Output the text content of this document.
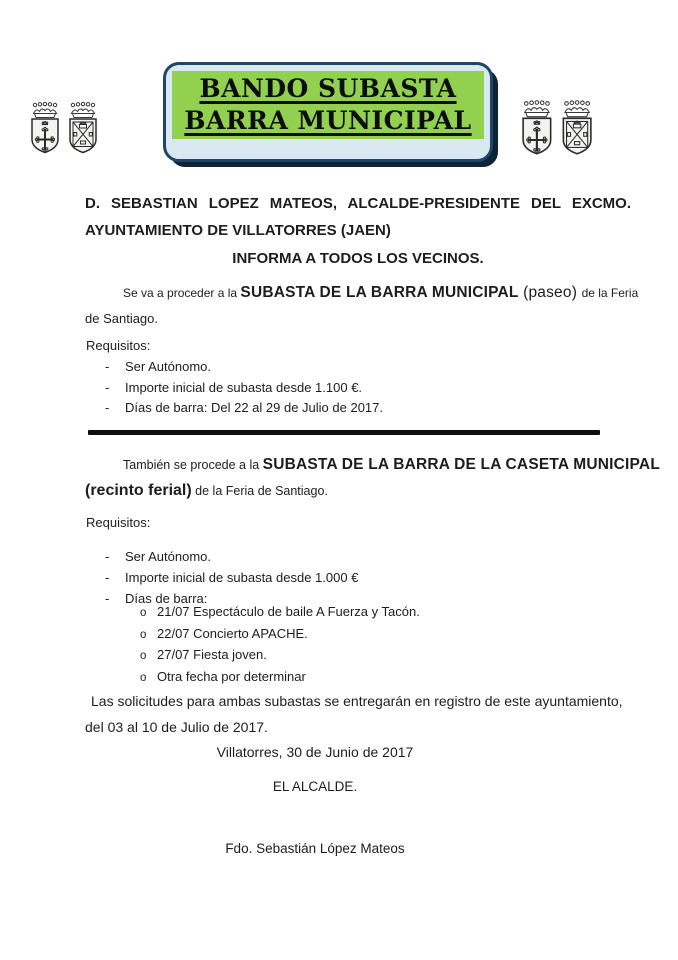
BANDO SUBASTA
BARRA MUNICIPAL
D. SEBASTIAN LOPEZ MATEOS, ALCALDE-PRESIDENTE DEL EXCMO.
AYUNTAMIENTO DE VILLATORRES (JAEN)
INFORMA A TODOS LOS VECINOS.
Se va a proceder a la SUBASTA DE LA BARRA MUNICIPAL (paseo) de la Feria
de Santiago.
Requisitos:
-	Ser Autónomo.
-	Importe inicial de subasta desde 1.100 €.
-	Días de barra: Del 22 al 29 de Julio de 2017.
También se procede a la SUBASTA DE LA BARRA DE LA CASETA MUNICIPAL
(recinto ferial) de la Feria de Santiago.
Requisitos:
-	Ser Autónomo.
-	Importe inicial de subasta desde 1.000 €
-	Días de barra:
o 21/07 Espectáculo de baile A Fuerza y Tacón.
o 22/07 Concierto APACHE.
o 27/07 Fiesta joven.
o Otra fecha por determinar
Las solicitudes para ambas subastas se entregarán en registro de este ayuntamiento,
del 03 al 10 de Julio de 2017.
Villatorres, 30 de Junio de 2017
EL ALCALDE.
Fdo. Sebastián López Mateos
